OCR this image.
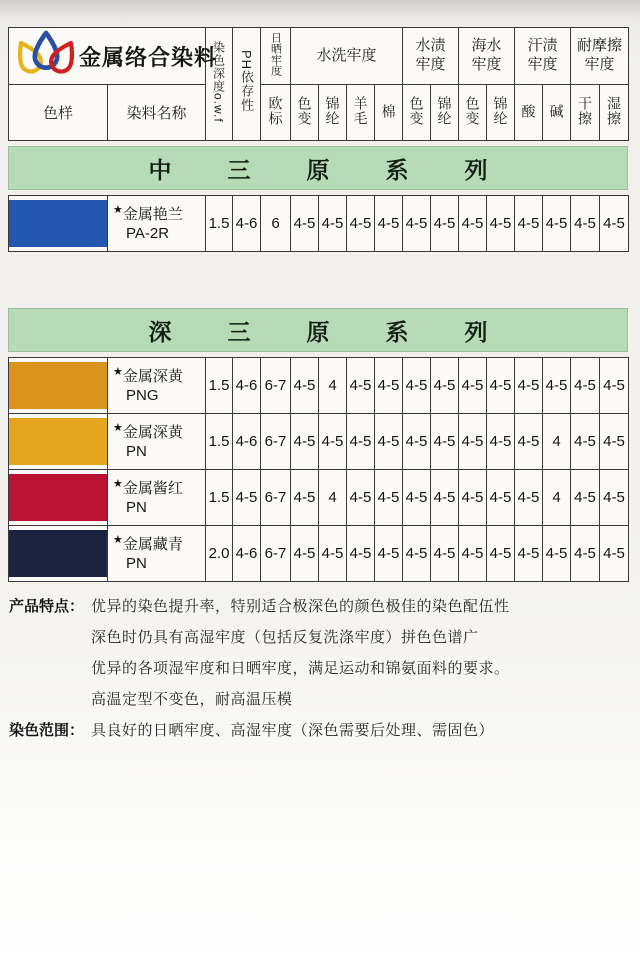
金属络合染料		染色深度o.w.f	PH依存性	日晒牢度	水洗牢度				水渍牢度		海水牢度		汗渍牢度		耐摩擦牢度	
色样	染料名称			欧标	色变	锦纶	羊毛	棉	色变	锦纶	色变	锦纶	酸	碱	干擦	湿擦
中三原系列

★金属艳兰
PA-2R
	1.5	4-6	6	4-5	4-5	4-5	4-5	4-5	4-5	4-5	4-5	4-5	4-5	4-5	4-5
深三原系列

	★金属深黄
PNG	1.5	4-6	6-7	4-5	4	4-5	4-5	4-5	4-5	4-5	4-5	4-5	4-5	4-5	4-5

	★金属深黄
PN	1.5	4-6	6-7	4-5	4-5	4-5	4-5	4-5	4-5	4-5	4-5	4-5	4	4-5	4-5

	★金属酱红
PN	1.5	4-5	6-7	4-5	4	4-5	4-5	4-5	4-5	4-5	4-5	4-5	4	4-5	4-5

	★金属藏青
PN	2.0	4-6	6-7	4-5	4-5	4-5	4-5	4-5	4-5	4-5	4-5	4-5	4-5	4-5	4-5
产品特点： 优异的染色提升率，特别适合极深色的颜色极佳的染色配伍性
深色时仍具有高湿牢度（包括反复洗涤牢度）拼色色谱广
优异的各项湿牢度和日晒牢度，满足运动和锦氨面料的要求。
高温定型不变色，耐高温压模
染色范围： 具良好的日晒牢度、高湿牢度（深色需要后处理、需固色）
